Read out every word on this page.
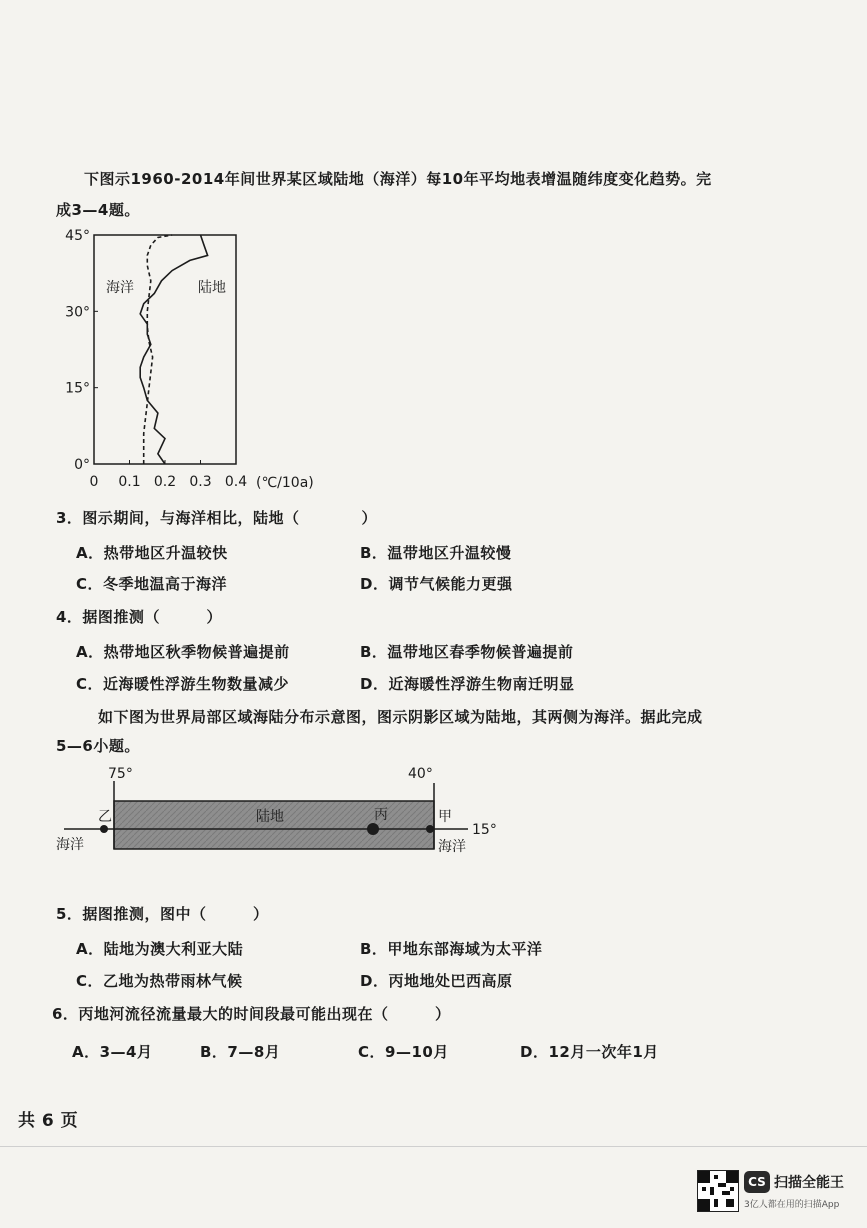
下图示1960-2014年间世界某区域陆地（海洋）每10年平均地表增温随纬度变化趋势。完
成3—4题。
0 0.1 0.2 0.3 0.4
0°
15°
30°
45°
海洋	陆地
(℃/10a)
3．图示期间，与海洋相比，陆地（　　　　）
A．热带地区升温较快	B．温带地区升温较慢
C．冬季地温高于海洋	D．调节气候能力更强
4．据图推测（　　　）
A．热带地区秋季物候普遍提前	B．温带地区春季物候普遍提前
C．近海暖性浮游生物数量减少	D．近海暖性浮游生物南迁明显
如下图为世界局部区域海陆分布示意图，图示阴影区域为陆地，其两侧为海洋。据此完成
5—6小题。
75°	40°
15°
陆地
乙	丙	甲
海洋	海洋
5．据图推测，图中（　　　）
A．陆地为澳大利亚大陆	B．甲地东部海域为太平洋
C．乙地为热带雨林气候	D．丙地地处巴西高原
6．丙地河流径流量最大的时间段最可能出现在（　　　）
A．3—4月	B．7—8月	C．9—10月	D．12月一次年1月
共 6 页
CS 扫描全能王
3亿人都在用的扫描App
